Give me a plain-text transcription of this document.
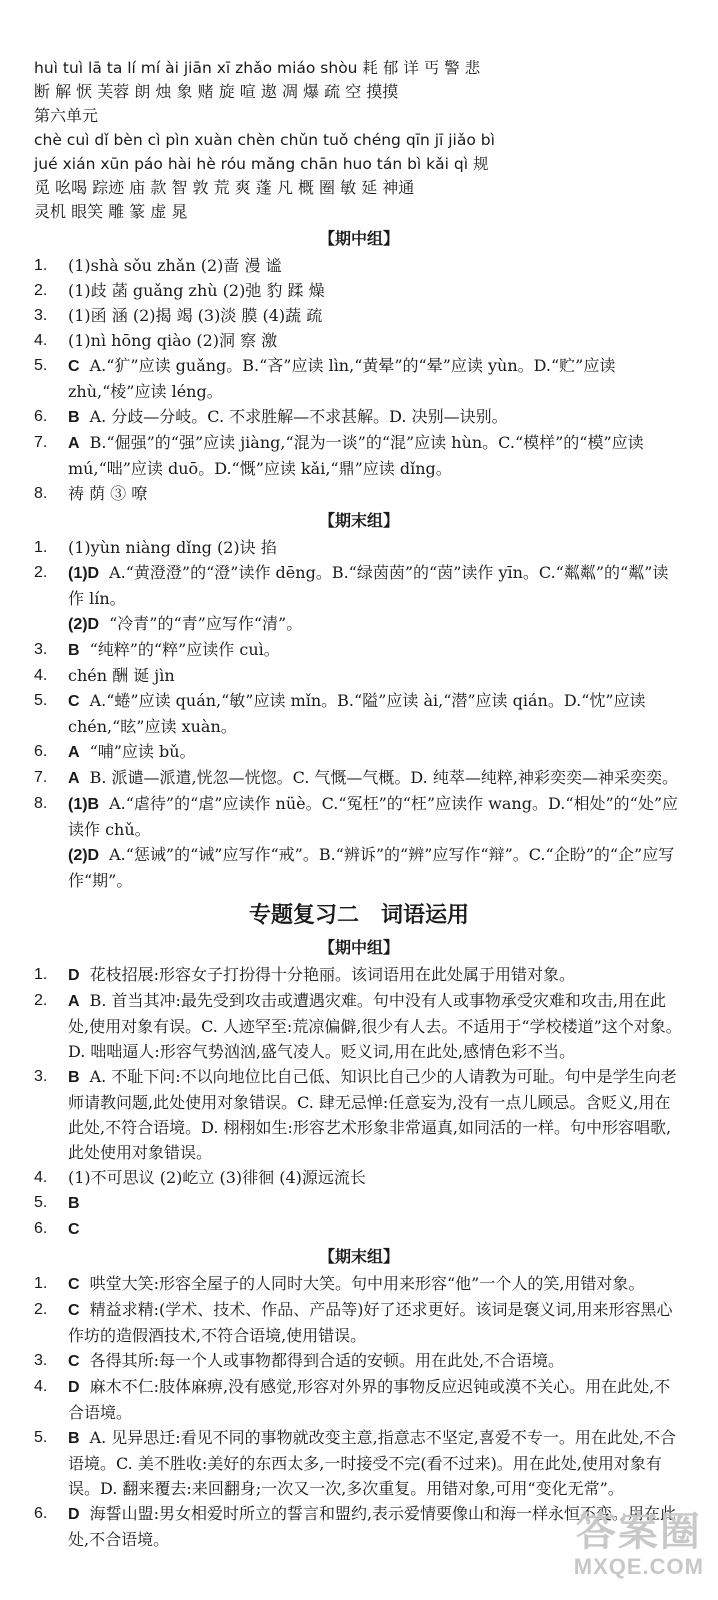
huì tuì lā ta lí mí ài jiān xī zhǎo miáo shòu 耗 郁 详 丐 警 悲
断 解 恹 芙蓉 朗 烛 象 赌 旋 喧 遨 凋 爆 疏 空 摸摸
第六单元
chè cuì dǐ bèn cì pìn xuàn chèn chǔn tuǒ chéng qīn jī jiǎo bì
jué xián xūn páo hài hè róu mǎng chān huo tán bì kǎi qì 规
觅 吆喝 踪迹 庙 款 智 敦 荒 爽 蓬 凡 概 圈 敏 延 神通
灵机 眼笑 雕 篆 虚 晁
【期中组】
1. (1)shà sǒu zhǎn (2)啬 漫 谧
2. (1)歧 菡 guǎng zhù (2)弛 豹 蹂 燥
3. (1)函 涵 (2)揭 竭 (3)淡 膜 (4)蔬 疏
4. (1)nì hōng qiào (2)洞 察 激
5. C A.“犷”应读 guǎng。B.“吝”应读 lìn,“黄晕”的“晕”应读 yùn。D.“贮”应读 zhù,“棱”应读 léng。
6. B A. 分歧—分岐。C. 不求胜解—不求甚解。D. 决别—诀别。
7. A B.“倔强”的“强”应读 jiàng,“混为一谈”的“混”应读 hùn。C.“模样”的“模”应读 mú,“咄”应读 duō。D.“慨”应读 kǎi,“鼎”应读 dǐng。
8. 祷 荫 ③ 嘹
【期末组】
1. (1)yùn niàng dǐng (2)诀 掐
2. (1)D A.“黄澄澄”的“澄”读作 dēng。B.“绿茵茵”的“茵”读作 yīn。C.“粼粼”的“粼”读作 lín。
(2)D “冷青”的“青”应写作“清”。
3. B “纯粹”的“粹”应读作 cuì。
4. chén 酬 诞 jìn
5. C A.“蜷”应读 quán,“敏”应读 mǐn。B.“隘”应读 ài,“潜”应读 qián。D.“忱”应读 chén,“眩”应读 xuàn。
6. A “哺”应读 bǔ。
7. A B. 派谴—派遣,恍忽—恍惚。C. 气慨—气概。D. 纯萃—纯粹,神彩奕奕—神采奕奕。
8. (1)B A.“虐待”的“虐”应读作 nüè。C.“冤枉”的“枉”应读作 wang。D.“相处”的“处”应读作 chǔ。
(2)D A.“惩诫”的“诫”应写作“戒”。B.“辨诉”的“辨”应写作“辩”。C.“企盼”的“企”应写作“期”。
专题复习二　词语运用
【期中组】
1. D 花枝招展:形容女子打扮得十分艳丽。该词语用在此处属于用错对象。
2. A B. 首当其冲:最先受到攻击或遭遇灾难。句中没有人或事物承受灾难和攻击,用在此处,使用对象有误。C. 人迹罕至:荒凉偏僻,很少有人去。不适用于“学校楼道”这个对象。D. 咄咄逼人:形容气势汹汹,盛气凌人。贬义词,用在此处,感情色彩不当。
3. B A. 不耻下问:不以向地位比自己低、知识比自己少的人请教为可耻。句中是学生向老师请教问题,此处使用对象错误。C. 肆无忌惮:任意妄为,没有一点儿顾忌。含贬义,用在此处,不符合语境。D. 栩栩如生:形容艺术形象非常逼真,如同活的一样。句中形容唱歌,此处使用对象错误。
4. (1)不可思议 (2)屹立 (3)徘徊 (4)源远流长
5. B
6. C
【期末组】
1. C 哄堂大笑:形容全屋子的人同时大笑。句中用来形容“他”一个人的笑,用错对象。
2. C 精益求精:(学术、技术、作品、产品等)好了还求更好。该词是褒义词,用来形容黑心作坊的造假酒技术,不符合语境,使用错误。
3. C 各得其所:每一个人或事物都得到合适的安顿。用在此处,不合语境。
4. D 麻木不仁:肢体麻痹,没有感觉,形容对外界的事物反应迟钝或漠不关心。用在此处,不合语境。
5. B A. 见异思迁:看见不同的事物就改变主意,指意志不坚定,喜爱不专一。用在此处,不合语境。C. 美不胜收:美好的东西太多,一时接受不完(看不过来)。用在此处,使用对象有误。D. 翻来覆去:来回翻身;一次又一次,多次重复。用错对象,可用“变化无常”。
6. D 海誓山盟:男女相爱时所立的誓言和盟约,表示爱情要像山和海一样永恒不变。用在此处,不合语境。	答案圈
MXQE.COM
